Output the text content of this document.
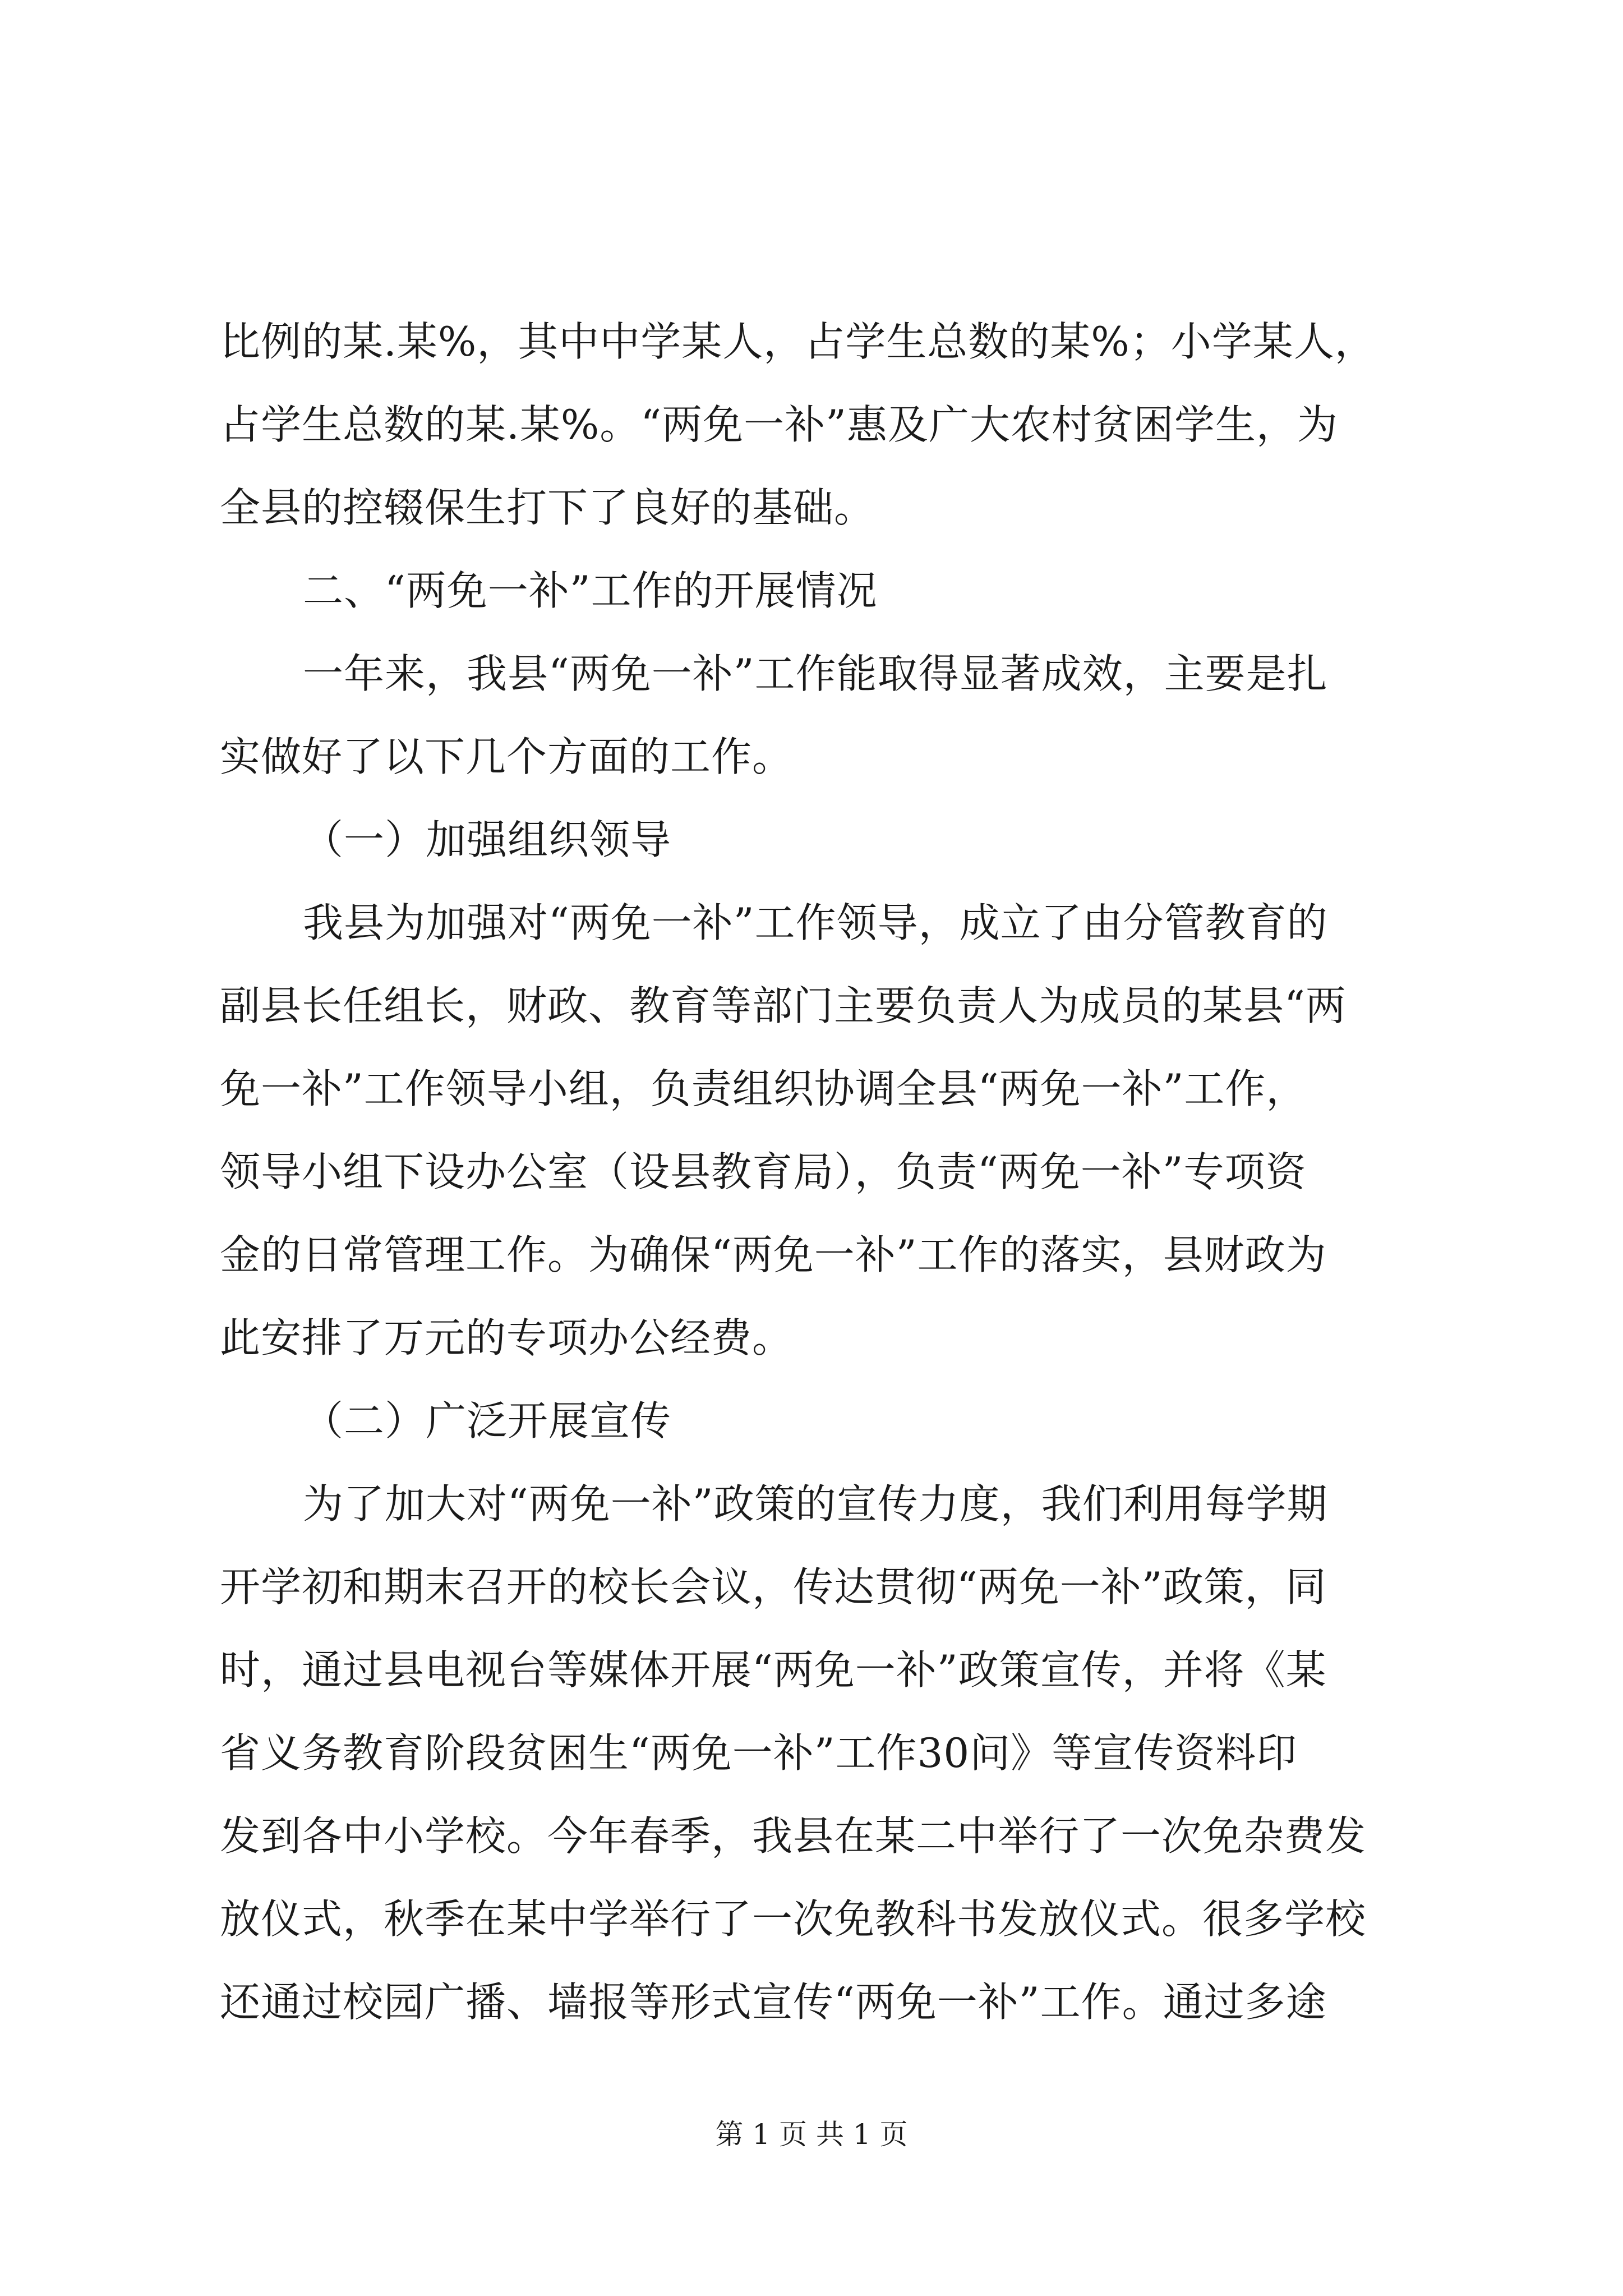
比例的某.某%，其中中学某人，占学生总数的某%；小学某人，
占学生总数的某.某%。“两免一补”惠及广大农村贫困学生，为
全县的控辍保生打下了良好的基础。
二、“两免一补”工作的开展情况
一年来，我县“两免一补”工作能取得显著成效，主要是扎
实做好了以下几个方面的工作。
（一）加强组织领导
我县为加强对“两免一补”工作领导，成立了由分管教育的
副县长任组长，财政、教育等部门主要负责人为成员的某县“两
免一补”工作领导小组，负责组织协调全县“两免一补”工作，
领导小组下设办公室（设县教育局），负责“两免一补”专项资
金的日常管理工作。为确保“两免一补”工作的落实，县财政为
此安排了万元的专项办公经费。
（二）广泛开展宣传
为了加大对“两免一补”政策的宣传力度，我们利用每学期
开学初和期末召开的校长会议，传达贯彻“两免一补”政策，同
时，通过县电视台等媒体开展“两免一补”政策宣传，并将《某
省义务教育阶段贫困生“两免一补”工作30问》等宣传资料印
发到各中小学校。今年春季，我县在某二中举行了一次免杂费发
放仪式，秋季在某中学举行了一次免教科书发放仪式。很多学校
还通过校园广播、墙报等形式宣传“两免一补”工作。通过多途
第 1 页 共 1 页
